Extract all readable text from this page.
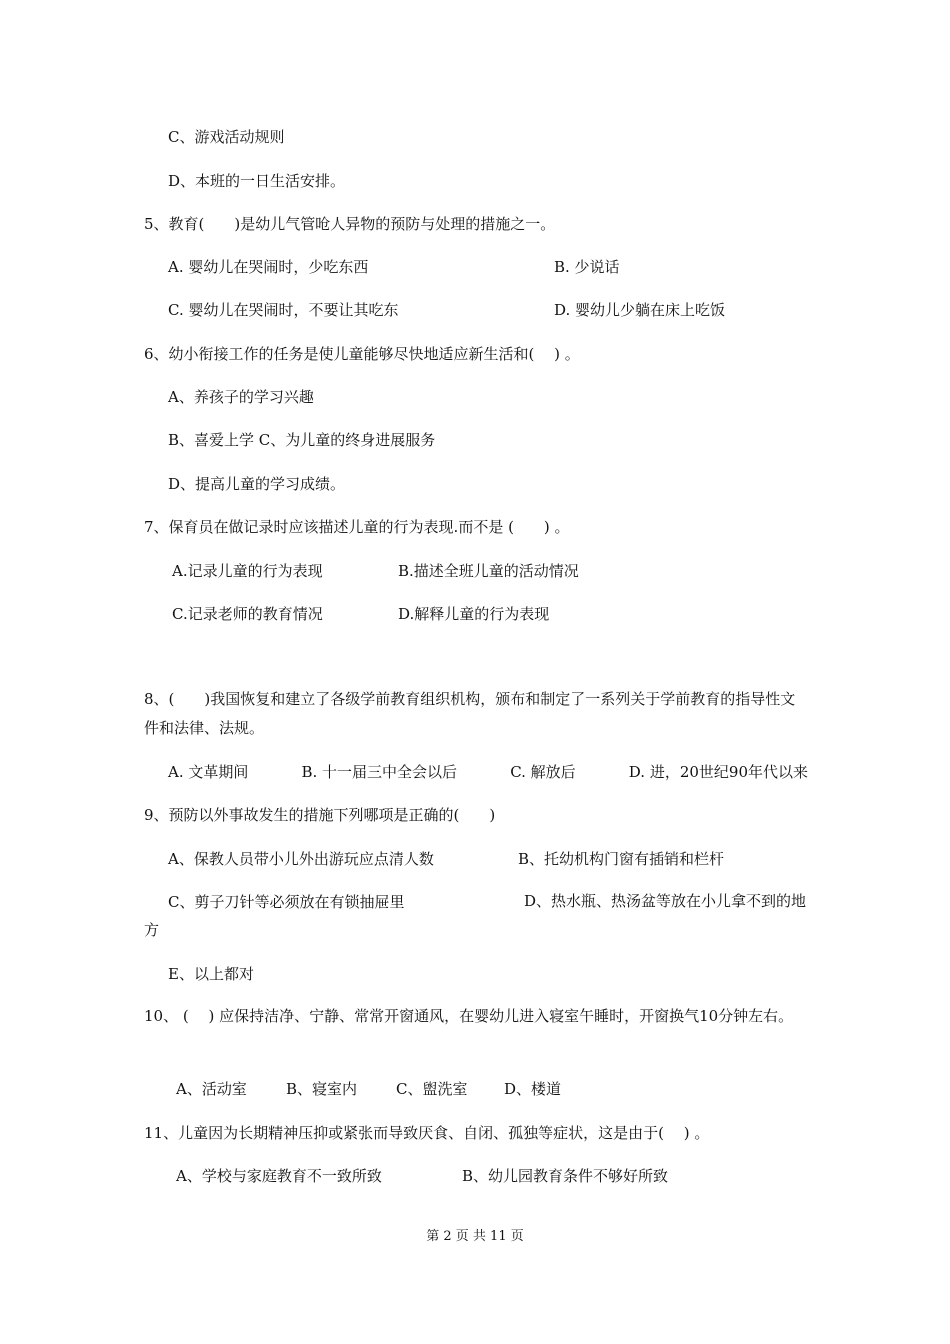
C、游戏活动规则
D、本班的一日生活安排。
5、教育(　　)是幼儿气管呛人异物的预防与处理的措施之一。
A. 婴幼儿在哭闹时，少吃东西	B. 少说话
C. 婴幼儿在哭闹时，不要让其吃东	D. 婴幼儿少躺在床上吃饭
6、幼小衔接工作的任务是使儿童能够尽快地适应新生活和(　 ) 。
A、养孩子的学习兴趣
B、喜爱上学 C、为儿童的终身进展服务
D、提高儿童的学习成绩。
7、保育员在做记录时应该描述儿童的行为表现.而不是 (　　) 。
A.记录儿童的行为表现	B.描述全班儿童的活动情况
C.记录老师的教育情况	D.解释儿童的行为表现
8、(　　)我国恢复和建立了各级学前教育组织机构，颁布和制定了一系列关于学前教育的指导性文件和法律、法规。
A. 文革期间	B. 十一届三中全会以后	C. 解放后	D. 进，20世纪90年代以来
9、预防以外事故发生的措施下列哪项是正确的(　　)
A、保教人员带小儿外出游玩应点清人数	B、托幼机构门窗有插销和栏杆
C、剪子刀针等必须放在有锁抽屉里	D、热水瓶、热汤盆等放在小儿拿不到的地方
E、以上都对
10、 (　 ) 应保持洁净、宁静、常常开窗通风，在婴幼儿进入寝室午睡时，开窗换气10分钟左右。
A、活动室	B、寝室内	C、盥洗室 D、楼道
11、儿童因为长期精神压抑或紧张而导致厌食、自闭、孤独等症状，这是由于(　 ) 。
A、学校与家庭教育不一致所致	B、幼儿园教育条件不够好所致
第 2 页 共 11 页
